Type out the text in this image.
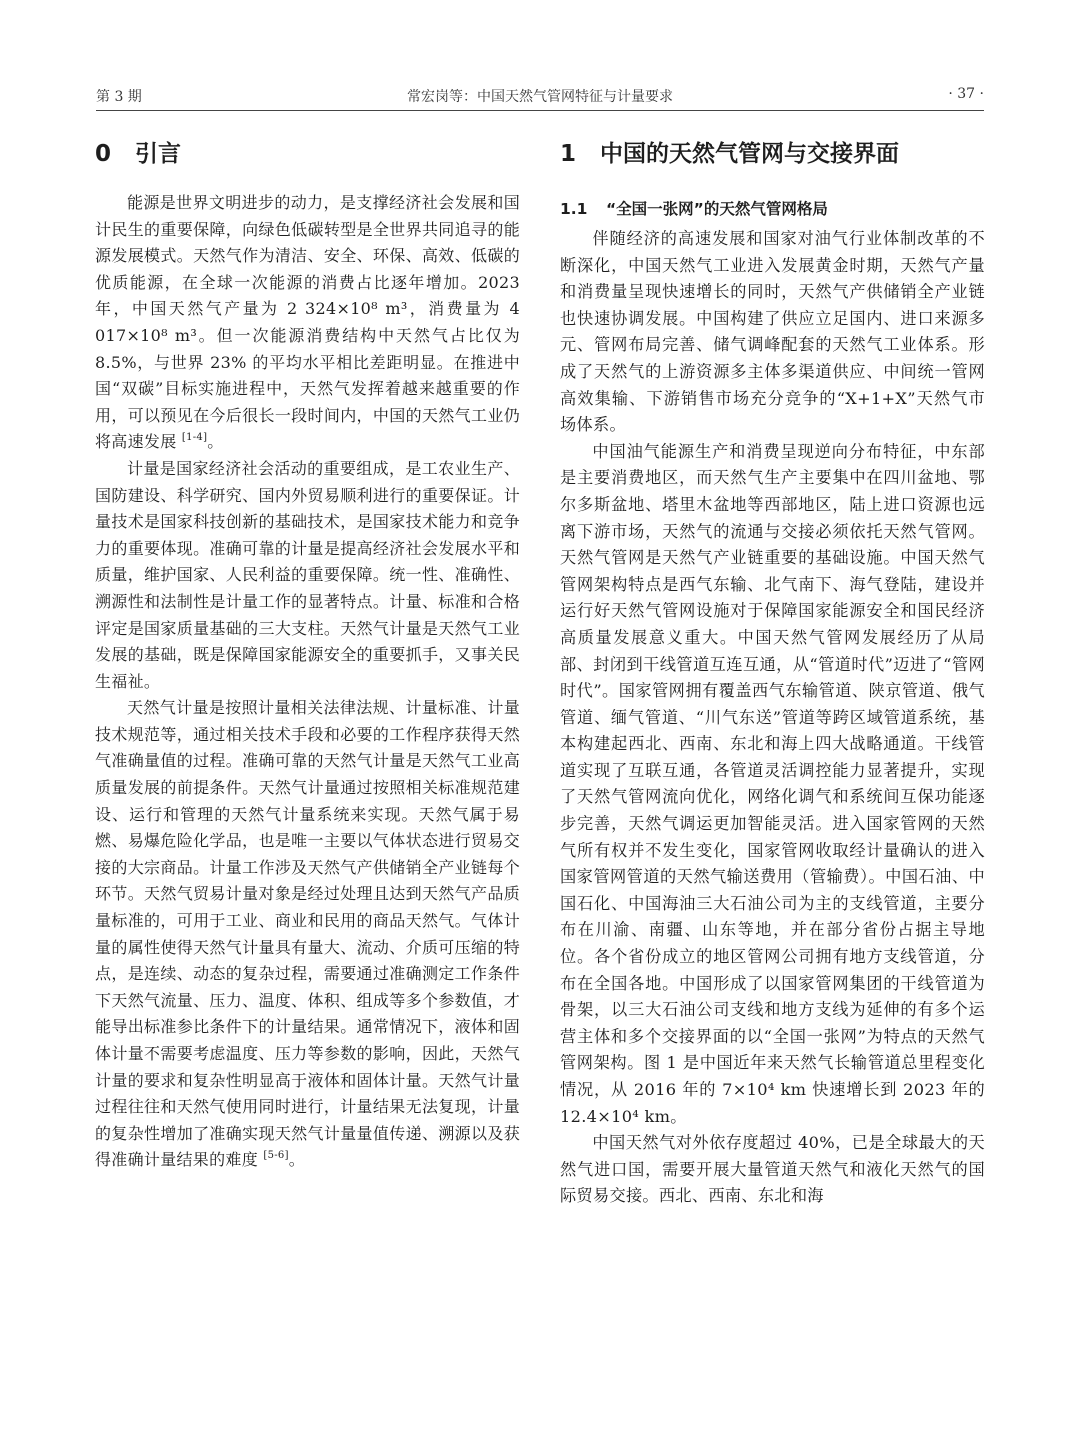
第 3 期	常宏岗等：中国天然气管网特征与计量要求	· 37 ·
0 引言

能源是世界文明进步的动力，是支撑经济社会发展和国计民生的重要保障，向绿色低碳转型是全世界共同追寻的能源发展模式。天然气作为清洁、安全、环保、高效、低碳的优质能源，在全球一次能源的消费占比逐年增加。2023 年，中国天然气产量为 2 324×10⁸ m³，消费量为 4 017×10⁸ m³。但一次能源消费结构中天然气占比仅为 8.5%，与世界 23% 的平均水平相比差距明显。在推进中国“双碳”目标实施进程中，天然气发挥着越来越重要的作用，可以预见在今后很长一段时间内，中国的天然气工业仍将高速发展 [1-4]。

计量是国家经济社会活动的重要组成，是工农业生产、国防建设、科学研究、国内外贸易顺利进行的重要保证。计量技术是国家科技创新的基础技术，是国家技术能力和竞争力的重要体现。准确可靠的计量是提高经济社会发展水平和质量，维护国家、人民利益的重要保障。统一性、准确性、溯源性和法制性是计量工作的显著特点。计量、标准和合格评定是国家质量基础的三大支柱。天然气计量是天然气工业发展的基础，既是保障国家能源安全的重要抓手，又事关民生福祉。

天然气计量是按照计量相关法律法规、计量标准、计量技术规范等，通过相关技术手段和必要的工作程序获得天然气准确量值的过程。准确可靠的天然气计量是天然气工业高质量发展的前提条件。天然气计量通过按照相关标准规范建设、运行和管理的天然气计量系统来实现。天然气属于易燃、易爆危险化学品，也是唯一主要以气体状态进行贸易交接的大宗商品。计量工作涉及天然气产供储销全产业链每个环节。天然气贸易计量对象是经过处理且达到天然气产品质量标准的，可用于工业、商业和民用的商品天然气。气体计量的属性使得天然气计量具有量大、流动、介质可压缩的特点，是连续、动态的复杂过程，需要通过准确测定工作条件下天然气流量、压力、温度、体积、组成等多个参数值，才能导出标准参比条件下的计量结果。通常情况下，液体和固体计量不需要考虑温度、压力等参数的影响，因此，天然气计量的要求和复杂性明显高于液体和固体计量。天然气计量过程往往和天然气使用同时进行，计量结果无法复现，计量的复杂性增加了准确实现天然气计量量值传递、溯源以及获得准确计量结果的难度 [5-6]。

1 中国的天然气管网与交接界面
1.1 “全国一张网”的天然气管网格局

伴随经济的高速发展和国家对油气行业体制改革的不断深化，中国天然气工业进入发展黄金时期，天然气产量和消费量呈现快速增长的同时，天然气产供储销全产业链也快速协调发展。中国构建了供应立足国内、进口来源多元、管网布局完善、储气调峰配套的天然气工业体系。形成了天然气的上游资源多主体多渠道供应、中间统一管网高效集输、下游销售市场充分竞争的“X+1+X”天然气市场体系。

中国油气能源生产和消费呈现逆向分布特征，中东部是主要消费地区，而天然气生产主要集中在四川盆地、鄂尔多斯盆地、塔里木盆地等西部地区，陆上进口资源也远离下游市场，天然气的流通与交接必须依托天然气管网。天然气管网是天然气产业链重要的基础设施。中国天然气管网架构特点是西气东输、北气南下、海气登陆，建设并运行好天然气管网设施对于保障国家能源安全和国民经济高质量发展意义重大。中国天然气管网发展经历了从局部、封闭到干线管道互连互通，从“管道时代”迈进了“管网时代”。国家管网拥有覆盖西气东输管道、陕京管道、俄气管道、缅气管道、“川气东送”管道等跨区域管道系统，基本构建起西北、西南、东北和海上四大战略通道。干线管道实现了互联互通，各管道灵活调控能力显著提升，实现了天然气管网流向优化，网络化调气和系统间互保功能逐步完善，天然气调运更加智能灵活。进入国家管网的天然气所有权并不发生变化，国家管网收取经计量确认的进入国家管网管道的天然气输送费用（管输费）。中国石油、中国石化、中国海油三大石油公司为主的支线管道，主要分布在川渝、南疆、山东等地，并在部分省份占据主导地位。各个省份成立的地区管网公司拥有地方支线管道，分布在全国各地。中国形成了以国家管网集团的干线管道为骨架，以三大石油公司支线和地方支线为延伸的有多个运营主体和多个交接界面的以“全国一张网”为特点的天然气管网架构。图 1 是中国近年来天然气长输管道总里程变化情况，从 2016 年的 7×10⁴ km 快速增长到 2023 年的 12.4×10⁴ km。

中国天然气对外依存度超过 40%，已是全球最大的天然气进口国，需要开展大量管道天然气和液化天然气的国际贸易交接。西北、西南、东北和海
